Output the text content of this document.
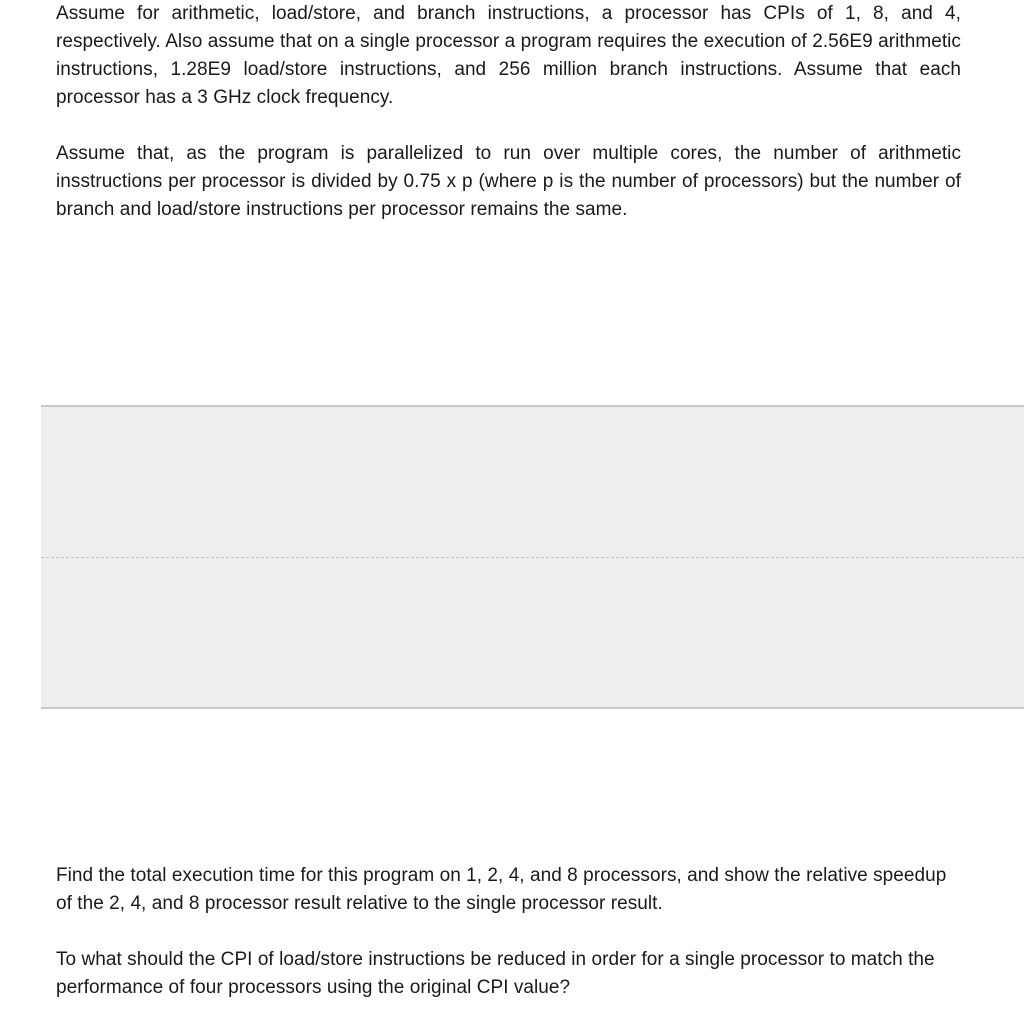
Assume for arithmetic, load/store, and branch instructions, a processor has CPIs of 1, 8, and 4, respectively. Also assume that on a single processor a program requires the execution of 2.56E9 arithmetic instructions, 1.28E9 load/store instructions, and 256 million branch instructions. Assume that each processor has a 3 GHz clock frequency.

Assume that, as the program is parallelized to run over multiple cores, the number of arithmetic insstructions per processor is divided by 0.75 x p (where p is the number of processors) but the number of branch and load/store instructions per processor remains the same.

Find the total execution time for this program on 1, 2, 4, and 8 processors, and show the relative speedup of the 2, 4, and 8 processor result relative to the single processor result.

To what should the CPI of load/store instructions be reduced in order for a single processor to match the performance of four processors using the original CPI value?
